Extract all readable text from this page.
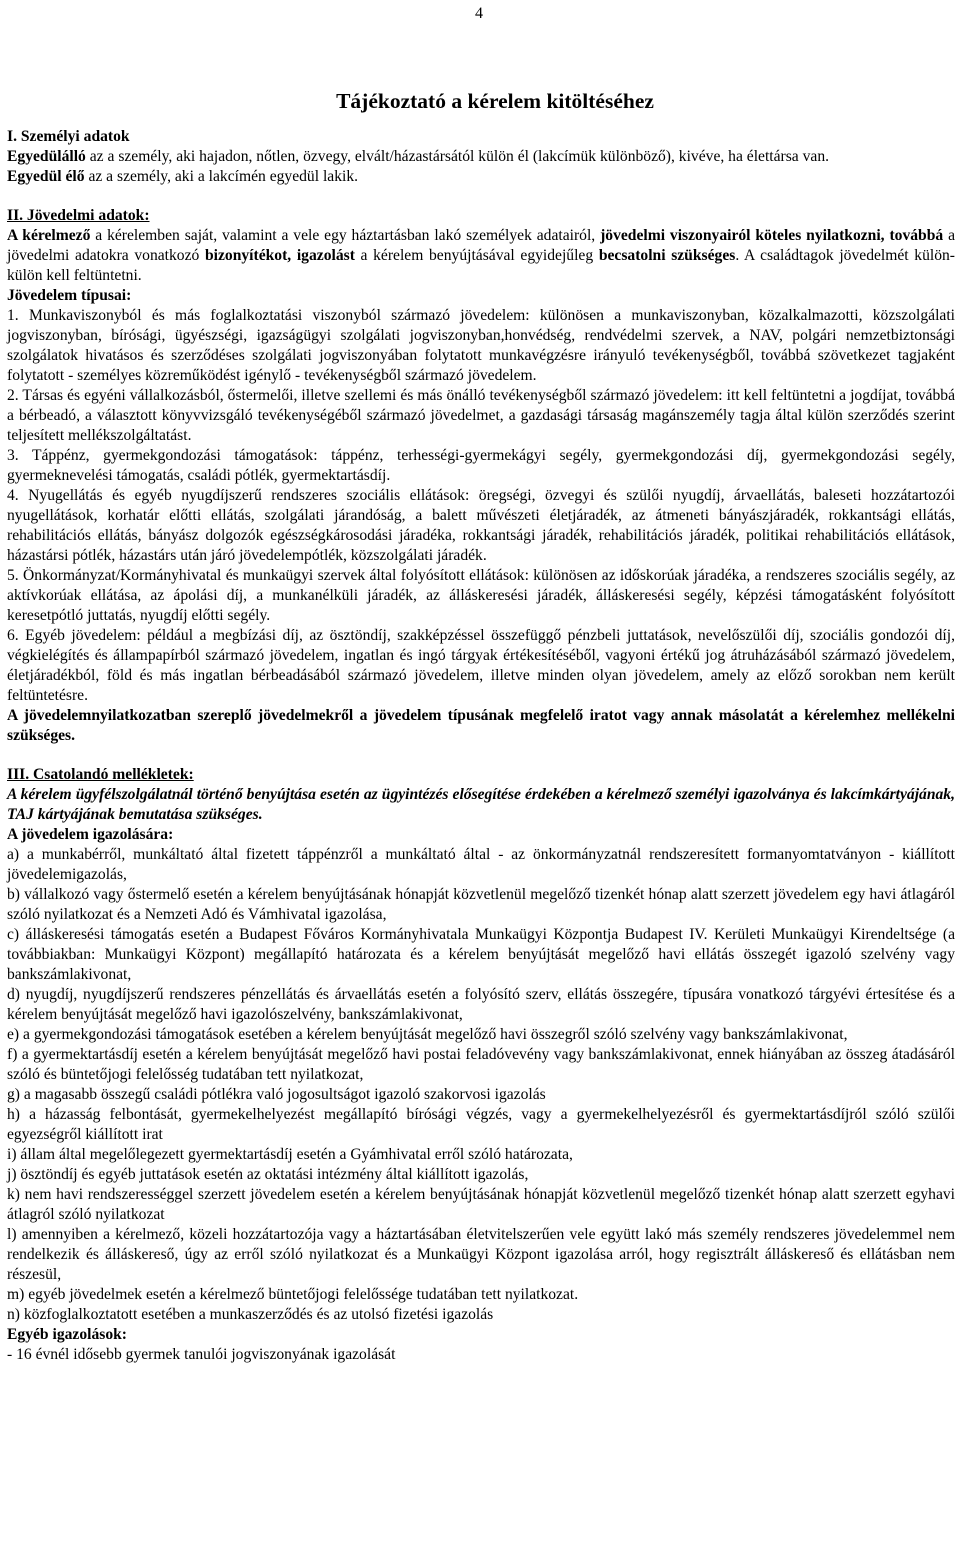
4
Tájékoztató a kérelem kitöltéséhez

I. Személyi adatok

Egyedülálló az a személy, aki hajadon, nőtlen, özvegy, elvált/házastársától külön él (lakcímük különböző), kivéve, ha élettársa van.

Egyedül élő az a személy, aki a lakcímén egyedül lakik.

II. Jövedelmi adatok:

A kérelmező a kérelemben saját, valamint a vele egy háztartásban lakó személyek adatairól, jövedelmi viszonyairól köteles nyilatkozni, továbbá a jövedelmi adatokra vonatkozó bizonyítékot, igazolást a kérelem benyújtásával egyidejűleg becsatolni szükséges. A családtagok jövedelmét külön-külön kell feltüntetni.

Jövedelem típusai:

1. Munkaviszonyból és más foglalkoztatási viszonyból származó jövedelem: különösen a munkaviszonyban, közalkalmazotti, közszolgálati jogviszonyban, bírósági, ügyészségi, igazságügyi szolgálati jogviszonyban,honvédség, rendvédelmi szervek, a NAV, polgári nemzetbiztonsági szolgálatok hivatásos és szerződéses szolgálati jogviszonyában folytatott munkavégzésre irányuló tevékenységből, továbbá szövetkezet tagjaként folytatott - személyes közreműködést igénylő - tevékenységből származó jövedelem.

2. Társas és egyéni vállalkozásból, őstermelői, illetve szellemi és más önálló tevékenységből származó jövedelem: itt kell feltüntetni a jogdíjat, továbbá a bérbeadó, a választott könyvvizsgáló tevékenységéből származó jövedelmet, a gazdasági társaság magánszemély tagja által külön szerződés szerint teljesített mellékszolgáltatást.

3. Táppénz, gyermekgondozási támogatások: táppénz, terhességi-gyermekágyi segély, gyermekgondozási díj, gyermekgondozási segély, gyermeknevelési támogatás, családi pótlék, gyermektartásdíj.

4. Nyugellátás és egyéb nyugdíjszerű rendszeres szociális ellátások: öregségi, özvegyi és szülői nyugdíj, árvaellátás, baleseti hozzátartozói nyugellátások, korhatár előtti ellátás, szolgálati járandóság, a balett művészeti életjáradék, az átmeneti bányászjáradék, rokkantsági ellátás, rehabilitációs ellátás, bányász dolgozók egészségkárosodási járadéka, rokkantsági járadék, rehabilitációs járadék, politikai rehabilitációs ellátások, házastársi pótlék, házastárs után járó jövedelempótlék, közszolgálati járadék.

5. Önkormányzat/Kormányhivatal és munkaügyi szervek által folyósított ellátások: különösen az időskorúak járadéka, a rendszeres szociális segély, az aktívkorúak ellátása, az ápolási díj, a munkanélküli járadék, az álláskeresési járadék, álláskeresési segély, képzési támogatásként folyósított keresetpótló juttatás, nyugdíj előtti segély.

6. Egyéb jövedelem: például a megbízási díj, az ösztöndíj, szakképzéssel összefüggő pénzbeli juttatások, nevelőszülői díj, szociális gondozói díj, végkielégítés és állampapírból származó jövedelem, ingatlan és ingó tárgyak értékesítéséből, vagyoni értékű jog átruházásából származó jövedelem, életjáradékból, föld és más ingatlan bérbeadásából származó jövedelem, illetve minden olyan jövedelem, amely az előző sorokban nem került feltüntetésre.

A jövedelemnyilatkozatban szereplő jövedelmekről a jövedelem típusának megfelelő iratot vagy annak másolatát a kérelemhez mellékelni szükséges.

III. Csatolandó mellékletek:

A kérelem ügyfélszolgálatnál történő benyújtása esetén az ügyintézés elősegítése érdekében a kérelmező személyi igazolványa és lakcímkártyájának, TAJ kártyájának bemutatása szükséges.

A jövedelem igazolására:

a) a munkabérről, munkáltató által fizetett táppénzről a munkáltató által - az önkormányzatnál rendszeresített formanyomtatványon - kiállított jövedelemigazolás,

b) vállalkozó vagy őstermelő esetén a kérelem benyújtásának hónapját közvetlenül megelőző tizenkét hónap alatt szerzett jövedelem egy havi átlagáról szóló nyilatkozat és a Nemzeti Adó és Vámhivatal igazolása,

c) álláskeresési támogatás esetén a Budapest Főváros Kormányhivatala Munkaügyi Központja Budapest IV. Kerületi Munkaügyi Kirendeltsége (a továbbiakban: Munkaügyi Központ) megállapító határozata és a kérelem benyújtását megelőző havi ellátás összegét igazoló szelvény vagy bankszámlakivonat,

d) nyugdíj, nyugdíjszerű rendszeres pénzellátás és árvaellátás esetén a folyósító szerv, ellátás összegére, típusára vonatkozó tárgyévi értesítése és a kérelem benyújtását megelőző havi igazolószelvény, bankszámlakivonat,

e) a gyermekgondozási támogatások esetében a kérelem benyújtását megelőző havi összegről szóló szelvény vagy bankszámlakivonat,

f) a gyermektartásdíj esetén a kérelem benyújtását megelőző havi postai feladóvevény vagy bankszámlakivonat, ennek hiányában az összeg átadásáról szóló és büntetőjogi felelősség tudatában tett nyilatkozat,

g) a magasabb összegű családi pótlékra való jogosultságot igazoló szakorvosi igazolás

h) a házasság felbontását, gyermekelhelyezést megállapító bírósági végzés, vagy a gyermekelhelyezésről és gyermektartásdíjról szóló szülői egyezségről kiállított irat

i) állam által megelőlegezett gyermektartásdíj esetén a Gyámhivatal erről szóló határozata,

j) ösztöndíj és egyéb juttatások esetén az oktatási intézmény által kiállított igazolás,

k) nem havi rendszerességgel szerzett jövedelem esetén a kérelem benyújtásának hónapját közvetlenül megelőző tizenkét hónap alatt szerzett egyhavi átlagról szóló nyilatkozat

l) amennyiben a kérelmező, közeli hozzátartozója vagy a háztartásában életvitelszerűen vele együtt lakó más személy rendszeres jövedelemmel nem rendelkezik és álláskereső, úgy az erről szóló nyilatkozat és a Munkaügyi Központ igazolása arról, hogy regisztrált álláskereső és ellátásban nem részesül,

m) egyéb jövedelmek esetén a kérelmező büntetőjogi felelőssége tudatában tett nyilatkozat.

n) közfoglalkoztatott esetében a munkaszerződés és az utolsó fizetési igazolás

Egyéb igazolások:

- 16 évnél idősebb gyermek tanulói jogviszonyának igazolását
